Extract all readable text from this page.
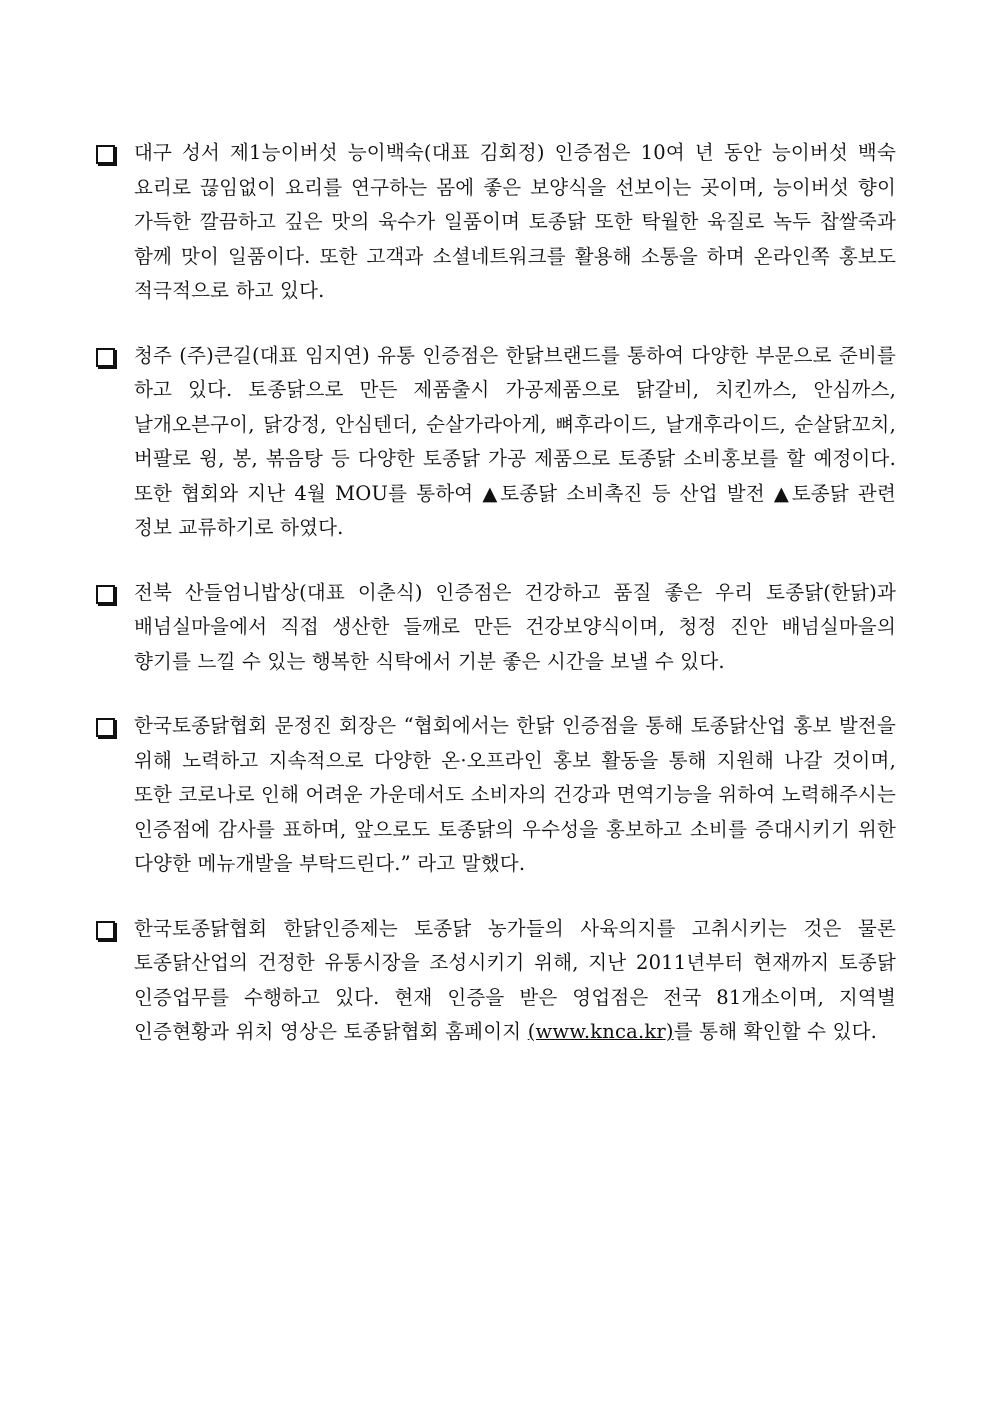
대구 성서 제1능이버섯 능이백숙(대표 김회정) 인증점은 10여 년 동안 능이버섯 백숙 요리로 끊임없이 요리를 연구하는 몸에 좋은 보양식을 선보이는 곳이며, 능이버섯 향이 가득한 깔끔하고 깊은 맛의 육수가 일품이며 토종닭 또한 탁월한 육질로 녹두 찹쌀죽과 함께 맛이 일품이다. 또한 고객과 소셜네트워크를 활용해 소통을 하며 온라인쪽 홍보도 적극적으로 하고 있다.
청주 (주)큰길(대표 임지연) 유통 인증점은 한닭브랜드를 통하여 다양한 부문으로 준비를 하고 있다. 토종닭으로 만든 제품출시 가공제품으로 닭갈비, 치킨까스, 안심까스, 날개오븐구이, 닭강정, 안심텐더, 순살가라아게, 뼈후라이드, 날개후라이드, 순살닭꼬치, 버팔로 윙, 봉, 볶음탕 등 다양한 토종닭 가공 제품으로 토종닭 소비홍보를 할 예정이다. 또한 협회와 지난 4월 MOU를 통하여 ▲토종닭 소비촉진 등 산업 발전 ▲토종닭 관련 정보 교류하기로 하였다.
전북 산들엄니밥상(대표 이춘식) 인증점은 건강하고 품질 좋은 우리 토종닭(한닭)과 배넘실마을에서 직접 생산한 들깨로 만든 건강보양식이며, 청정 진안 배넘실마을의 향기를 느낄 수 있는 행복한 식탁에서 기분 좋은 시간을 보낼 수 있다.
한국토종닭협회 문정진 회장은 “협회에서는 한닭 인증점을 통해 토종닭산업 홍보 발전을 위해 노력하고 지속적으로 다양한 온·오프라인 홍보 활동을 통해 지원해 나갈 것이며, 또한 코로나로 인해 어려운 가운데서도 소비자의 건강과 면역기능을 위하여 노력해주시는 인증점에 감사를 표하며, 앞으로도 토종닭의 우수성을 홍보하고 소비를 증대시키기 위한 다양한 메뉴개발을 부탁드린다.” 라고 말했다.
한국토종닭협회 한닭인증제는 토종닭 농가들의 사육의지를 고취시키는 것은 물론 토종닭산업의 건정한 유통시장을 조성시키기 위해, 지난 2011년부터 현재까지 토종닭 인증업무를 수행하고 있다. 현재 인증을 받은 영업점은 전국 81개소이며, 지역별 인증현황과 위치 영상은 토종닭협회 홈페이지 (www.knca.kr)를 통해 확인할 수 있다.
